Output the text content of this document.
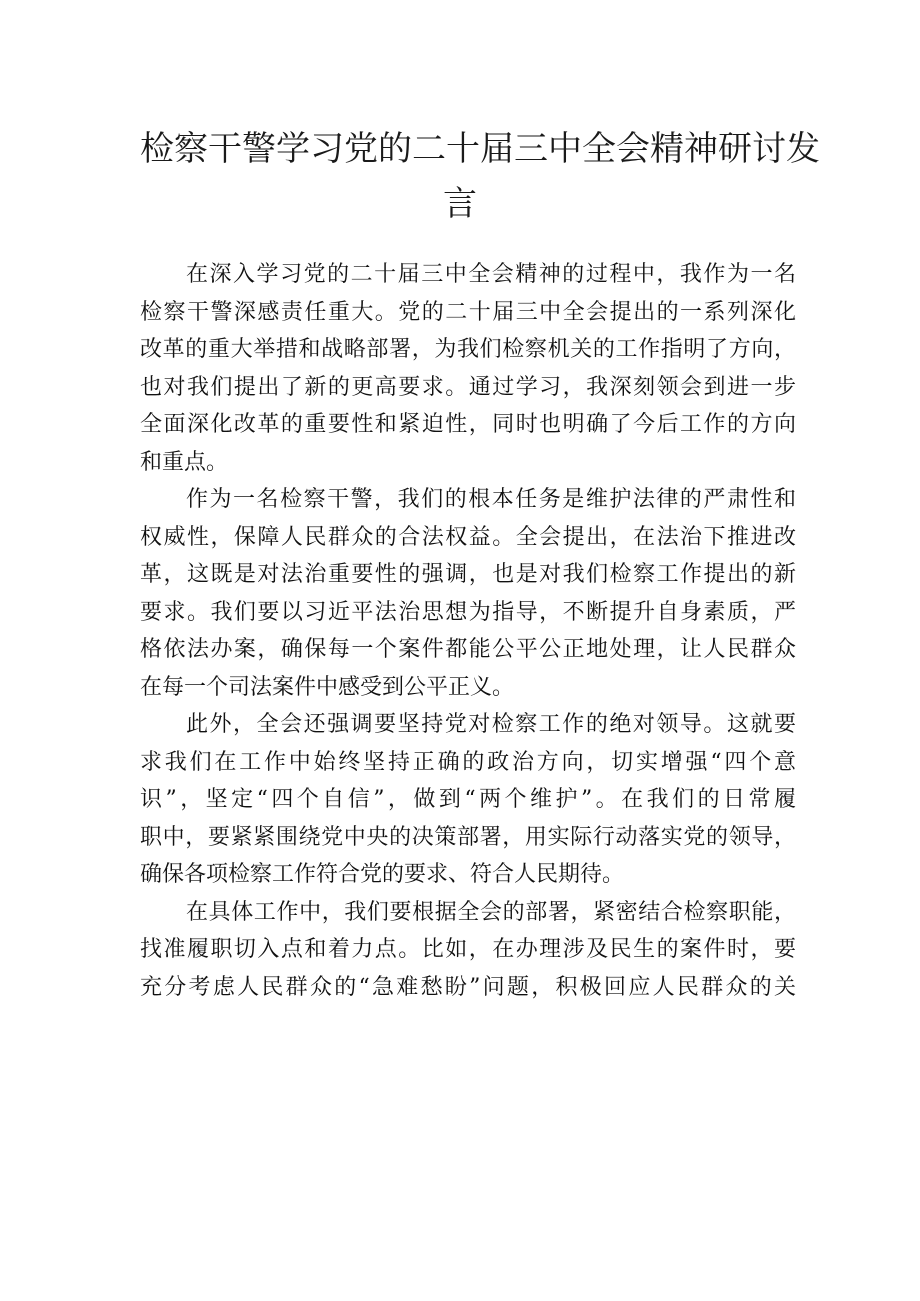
检察干警学习党的二十届三中全会精神研讨发
言

在深入学习党的二十届三中全会精神的过程中，我作为一名
检察干警深感责任重大。党的二十届三中全会提出的一系列深化
改革的重大举措和战略部署，为我们检察机关的工作指明了方向，
也对我们提出了新的更高要求。通过学习，我深刻领会到进一步
全面深化改革的重要性和紧迫性，同时也明确了今后工作的方向
和重点。

作为一名检察干警，我们的根本任务是维护法律的严肃性和
权威性，保障人民群众的合法权益。全会提出，在法治下推进改
革，这既是对法治重要性的强调，也是对我们检察工作提出的新
要求。我们要以习近平法治思想为指导，不断提升自身素质，严
格依法办案，确保每一个案件都能公平公正地处理，让人民群众
在每一个司法案件中感受到公平正义。

此外，全会还强调要坚持党对检察工作的绝对领导。这就要
求我们在工作中始终坚持正确的政治方向，切实增强“四个意
识”，坚定“四个自信”，做到“两个维护”。在我们的日常履
职中，要紧紧围绕党中央的决策部署，用实际行动落实党的领导，
确保各项检察工作符合党的要求、符合人民期待。

在具体工作中，我们要根据全会的部署，紧密结合检察职能，
找准履职切入点和着力点。比如，在办理涉及民生的案件时，要
充分考虑人民群众的“急难愁盼”问题，积极回应人民群众的关
